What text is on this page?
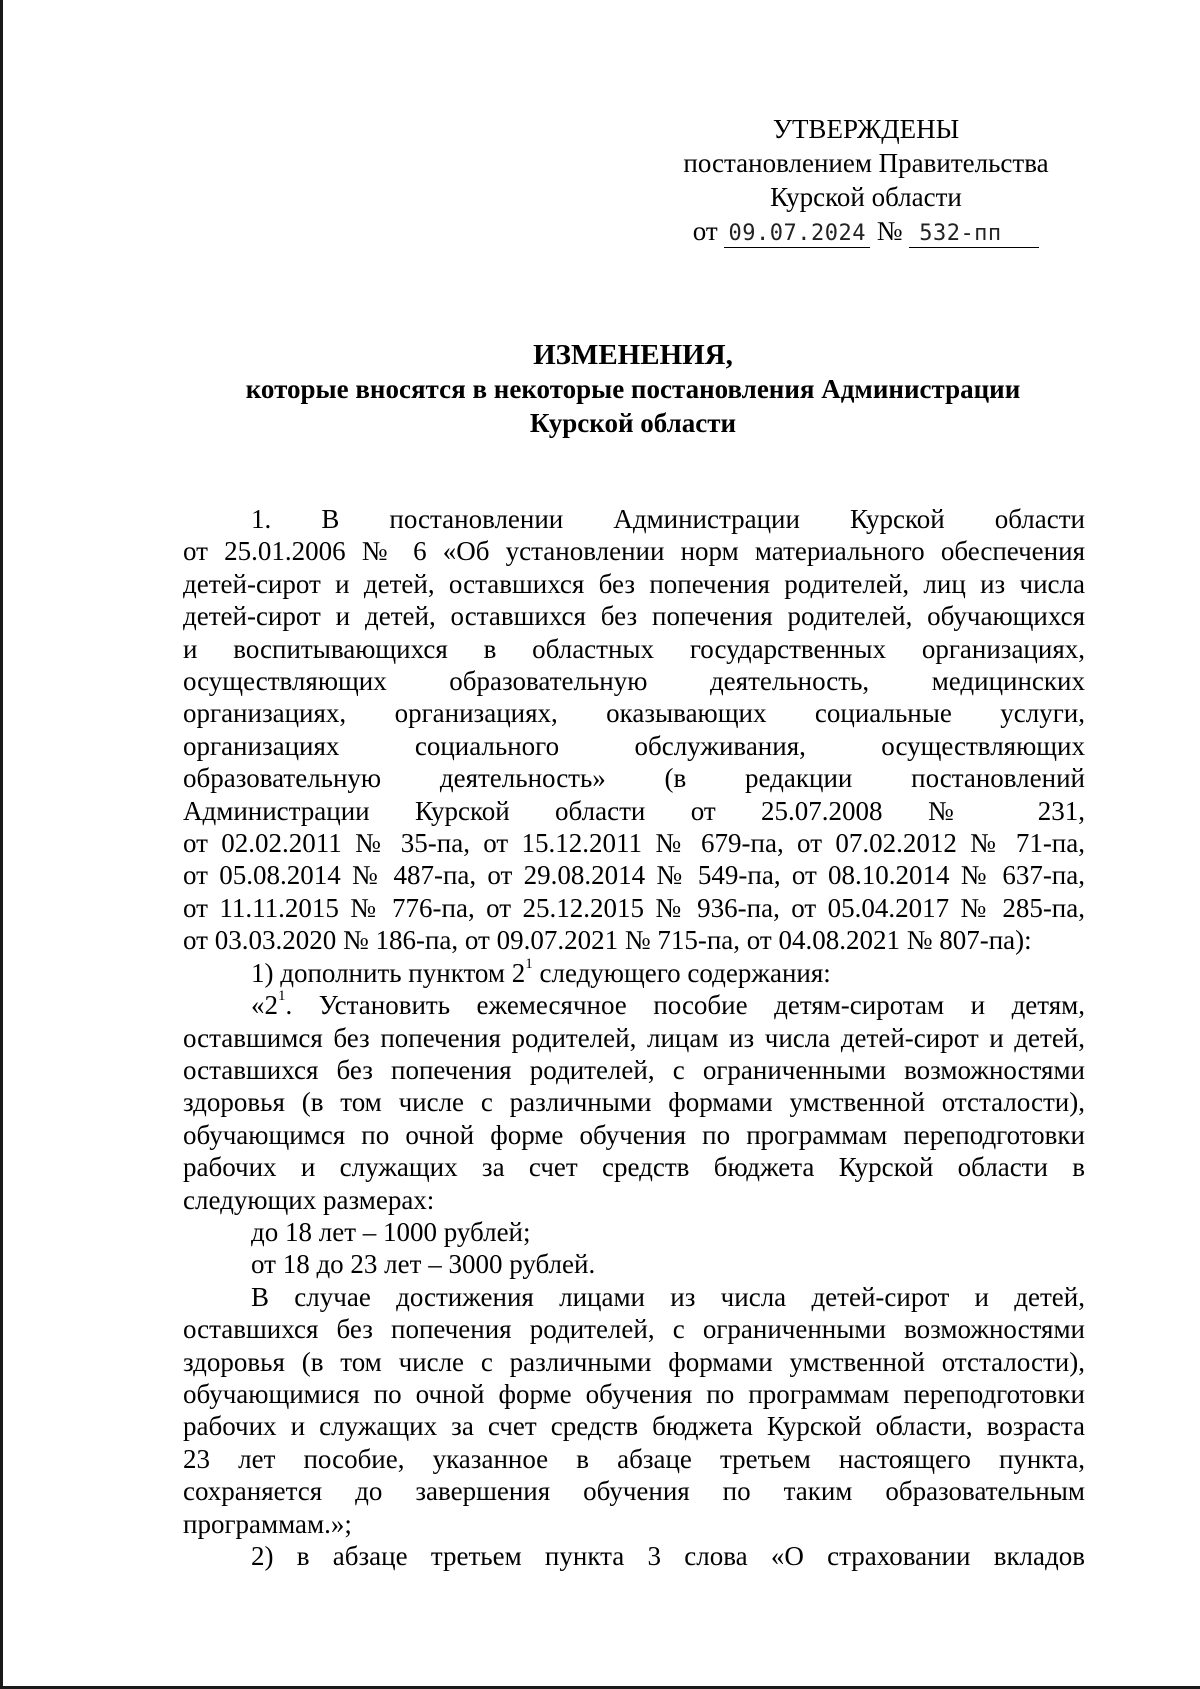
УТВЕРЖДЕНЫ
постановлением Правительства
Курской области
от 09.07.2024 № 532-пп
ИЗМЕНЕНИЯ,
которые вносятся в некоторые постановления Администрации
Курской области

1. В постановлении Администрации Курской области

от 25.01.2006 № 6 «Об установлении норм материального обеспечения

детей-сирот и детей, оставшихся без попечения родителей, лиц из числа

детей-сирот и детей, оставшихся без попечения родителей, обучающихся

и воспитывающихся в областных государственных организациях,

осуществляющих образовательную деятельность, медицинских

организациях, организациях, оказывающих социальные услуги,

организациях социального обслуживания, осуществляющих

образовательную деятельность» (в редакции постановлений

Администрации Курской области от 25.07.2008 № 231,

от 02.02.2011 № 35-па, от 15.12.2011 № 679-па, от 07.02.2012 № 71-па,

от 05.08.2014 № 487-па, от 29.08.2014 № 549-па, от 08.10.2014 № 637-па,

от 11.11.2015 № 776-па, от 25.12.2015 № 936-па, от 05.04.2017 № 285-па,

от 03.03.2020 № 186-па, от 09.07.2021 № 715-па, от 04.08.2021 № 807-па):

1) дополнить пунктом $2^1$ следующего содержания:

«$2^1$. Установить ежемесячное пособие детям-сиротам и детям,

оставшимся без попечения родителей, лицам из числа детей-сирот и детей,

оставшихся без попечения родителей, с ограниченными возможностями

здоровья (в том числе с различными формами умственной отсталости),

обучающимся по очной форме обучения по программам переподготовки

рабочих и служащих за счет средств бюджета Курской области в

следующих размерах:

до 18 лет – 1000 рублей;

от 18 до 23 лет – 3000 рублей.

В случае достижения лицами из числа детей-сирот и детей,

оставшихся без попечения родителей, с ограниченными возможностями

здоровья (в том числе с различными формами умственной отсталости),

обучающимися по очной форме обучения по программам переподготовки

рабочих и служащих за счет средств бюджета Курской области, возраста

23 лет пособие, указанное в абзаце третьем настоящего пункта,

сохраняется до завершения обучения по таким образовательным

программам.»;

2) в абзаце третьем пункта 3 слова «О страховании вкладов
